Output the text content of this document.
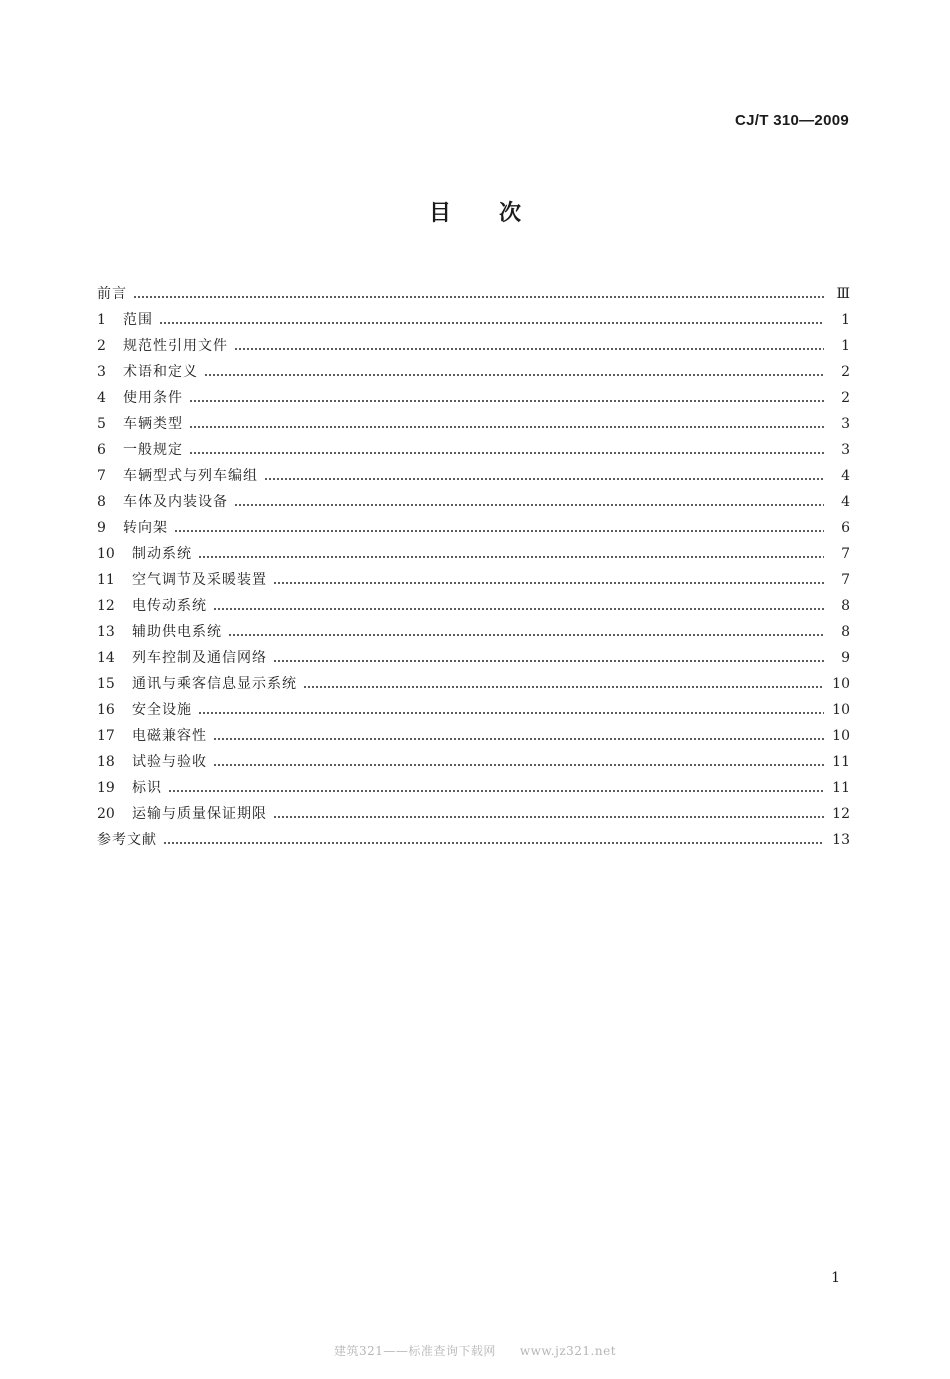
CJ/T 310—2009
目 次
前言	Ⅲ
1	范围	1
2	规范性引用文件	1
3	术语和定义	2
4	使用条件	2
5	车辆类型	3
6	一般规定	3
7	车辆型式与列车编组	4
8	车体及内装设备	4
9	转向架	6
10	制动系统	7
11	空气调节及采暖装置	7
12	电传动系统	8
13	辅助供电系统	8
14	列车控制及通信网络	9
15	通讯与乘客信息显示系统	10
16	安全设施	10
17	电磁兼容性	10
18	试验与验收	11
19	标识	11
20	运输与质量保证期限	12
参考文献	13
1
建筑321——标准查询下载网 www.jz321.net
